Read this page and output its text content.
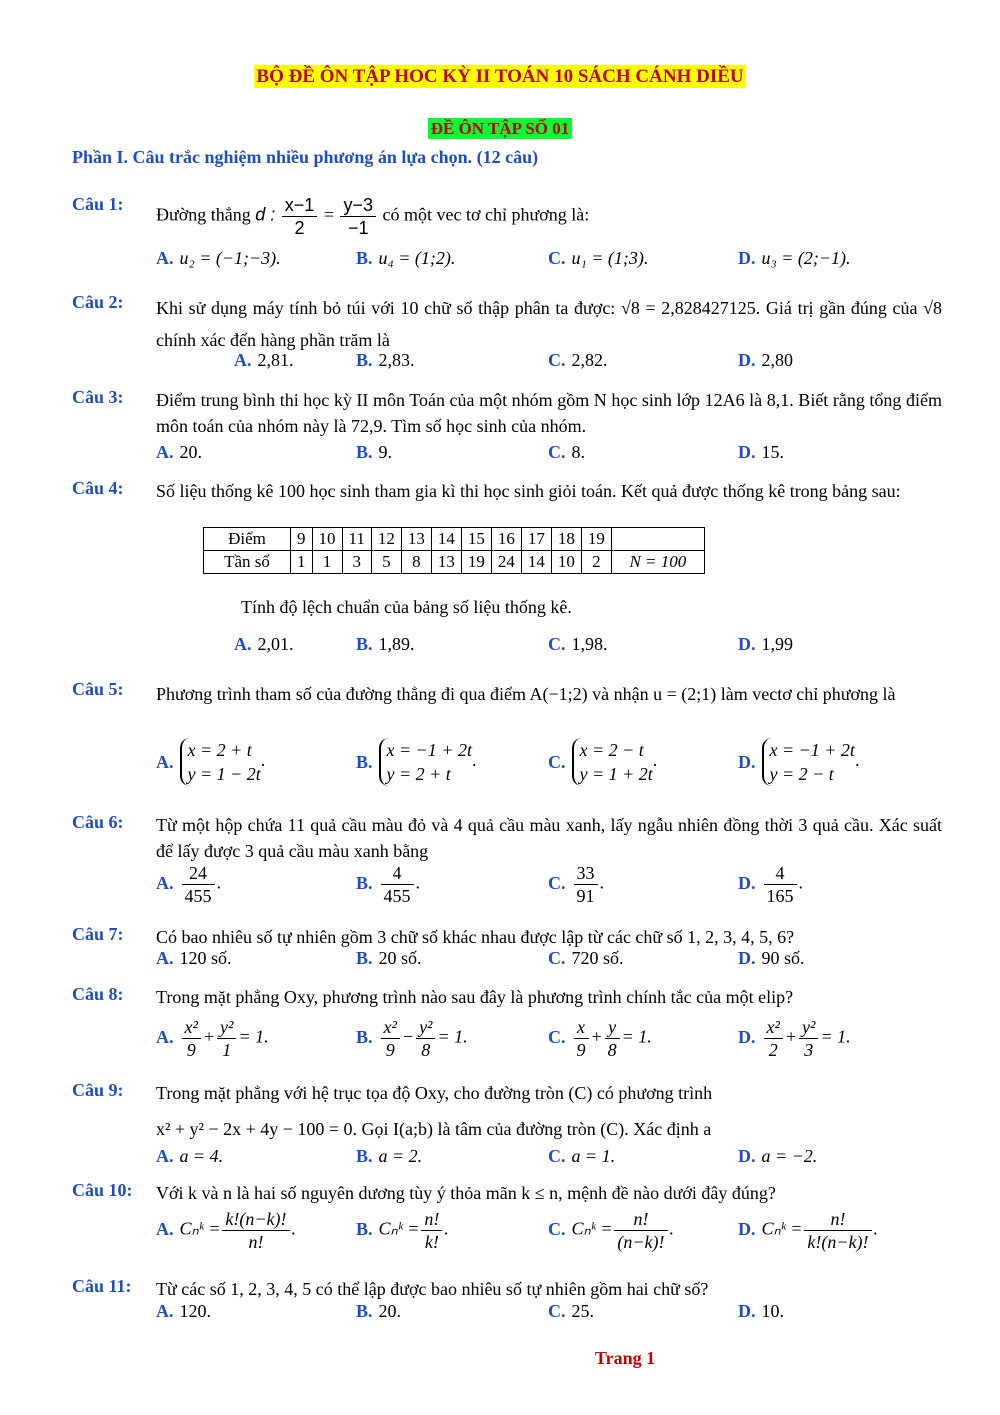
BỘ ĐỀ ÔN TẬP HOC KỲ II TOÁN 10 SÁCH CÁNH DIỀU
ĐỀ ÔN TẬP SỐ 01
Phần I. Câu trắc nghiệm nhiều phương án lựa chọn. (12 câu)
Câu 1:
Đường thẳng d : $\frac{x-1}{2} = \frac{y-3}{-1}$ có một vec tơ chỉ phương là:
A. u₂ = (−1;−3).	B. u₄ = (1;2).	C. u₁ = (1;3).	D. u₃ = (2;−1).
Câu 2: Khi sử dụng máy tính bỏ túi với 10 chữ số thập phân ta được: √8 = 2,828427125. Giá trị gần đúng của √8 chính xác đến hàng phần trăm là
A. 2,81.	B. 2,83.	C. 2,82.	D. 2,80
Câu 3: Điểm trung bình thi học kỳ II môn Toán của một nhóm gồm N học sinh lớp 12A6 là 8,1. Biết rằng tổng điểm môn toán của nhóm này là 72,9. Tìm số học sinh của nhóm.
A. 20.	B. 9.	C. 8.	D. 15.
Câu 4: Số liệu thống kê 100 học sinh tham gia kì thi học sinh giỏi toán. Kết quả được thống kê trong bảng sau:
Điểm	9	10	11	12	13	14	15	16	17	18	19	
Tần số	1	1	3	5	8	13	19	24	14	10	2	N = 100
Tính độ lệch chuẩn của bảng số liệu thống kê.
A. 2,01.	B. 1,89.	C. 1,98.	D. 1,99
Câu 5: Phương trình tham số của đường thẳng đi qua điểm A(−1;2) và nhận u = (2;1) làm vectơ chỉ phương là
A.
x = 2 + t
y = 1 − 2t
.	B.
x = −1 + 2t
y = 2 + t
.	C.
x = 2 − t
y = 1 + 2t
.	D.
x = −1 + 2t
y = 2 − t
.
Câu 6: Từ một hộp chứa 11 quả cầu màu đỏ và 4 quả cầu màu xanh, lấy ngẫu nhiên đồng thời 3 quả cầu. Xác suất để lấy được 3 quả cầu màu xanh bằng
A. $\frac{24}{455}$ .	B. $\frac{4}{455}$ .	C. $\frac{33}{91}$ .	D. $\frac{4}{165}$ .
Câu 7: Có bao nhiêu số tự nhiên gồm 3 chữ số khác nhau được lập từ các chữ số 1, 2, 3, 4, 5, 6?
A. 120 số.	B. 20 số.	C. 720 số.	D. 90 số.
Câu 8: Trong mặt phẳng Oxy, phương trình nào sau đây là phương trình chính tắc của một elip?
A. $\frac{\text{x²}}{9} + \frac{\text{y²}}{1} = 1$.	B. $\frac{\text{x²}}{9} - \frac{\text{y²}}{8} = 1$.	C. $\frac{x}{9} + \frac{y}{8} = 1$.	D. $\frac{\text{x²}}{2} + \frac{\text{y²}}{3} = 1$.
Câu 9: Trong mặt phẳng với hệ trục tọa độ Oxy, cho đường tròn (C) có phương trình
x² + y² − 2x + 4y − 100 = 0. Gọi I(a;b) là tâm của đường tròn (C). Xác định a
A. a = 4.	B. a = 2.	C. a = 1.	D. a = −2.
Câu 10: Với k và n là hai số nguyên dương tùy ý thỏa mãn k ≤ n, mệnh đề nào dưới đây đúng?
A. Cₙᵏ = $\frac{k!(n-k)!}{n!}$ .	B. Cₙᵏ = $\frac{n!}{k!}$ .	C. Cₙᵏ = $\frac{n!}{(n-k)!}$ .	D. Cₙᵏ = $\frac{n!}{k!(n-k)!}$ .
Câu 11: Từ các số 1, 2, 3, 4, 5 có thể lập được bao nhiêu số tự nhiên gồm hai chữ số?
A. 120.	B. 20.	C. 25.	D. 10.
Trang 1
